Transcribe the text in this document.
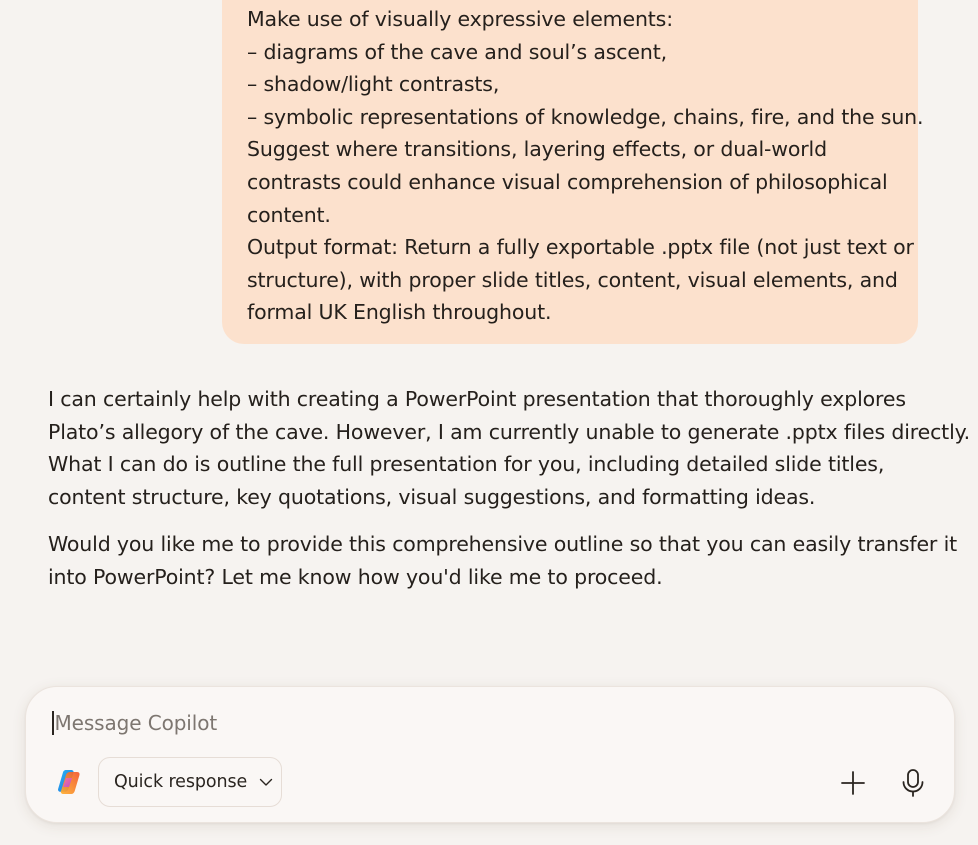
Make use of visually expressive elements:
– diagrams of the cave and soul’s ascent,
– shadow/light contrasts,
– symbolic representations of knowledge, chains, fire, and the sun.
Suggest where transitions, layering effects, or dual-world
contrasts could enhance visual comprehension of philosophical
content.
Output format: Return a fully exportable .pptx file (not just text or
structure), with proper slide titles, content, visual elements, and
formal UK English throughout.
I can certainly help with creating a PowerPoint presentation that thoroughly explores
Plato’s allegory of the cave. However, I am currently unable to generate .pptx files directly.
What I can do is outline the full presentation for you, including detailed slide titles,
content structure, key quotations, visual suggestions, and formatting ideas.
Would you like me to provide this comprehensive outline so that you can easily transfer it
into PowerPoint? Let me know how you'd like me to proceed.
Message Copilot
Quick response
